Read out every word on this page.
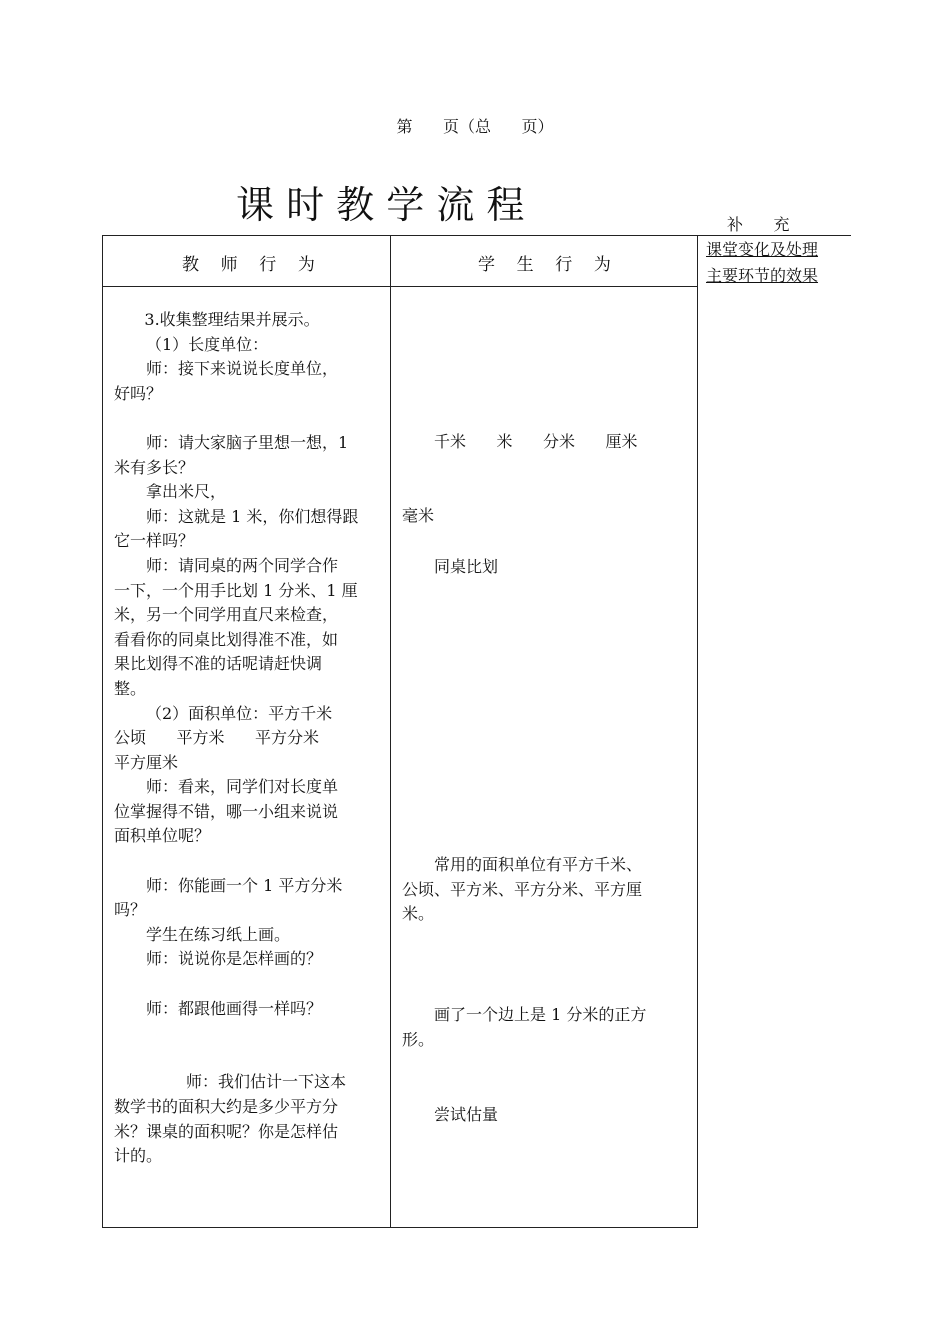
第      页（总      页）
课 时 教 学 流 程	补      充
教    师    行    为	学    生    行    为
课堂变化及处理
主要环节的效果

3.收集整理结果并展示。

（1）长度单位：

师：接下来说说长度单位，

好吗？

师：请大家脑子里想一想，1

米有多长？

拿出米尺，

师：这就是 1 米，你们想得跟

它一样吗？

师：请同桌的两个同学合作

一下，一个用手比划 1 分米、1 厘

米，另一个同学用直尺来检查，

看看你的同桌比划得准不准，如

果比划得不准的话呢请赶快调

整。

（2）面积单位：平方千米

公顷      平方米      平方分米

平方厘米

师：看来，同学们对长度单

位掌握得不错，哪一小组来说说

面积单位呢？

师：你能画一个 1 平方分米

吗？

学生在练习纸上画。

师：说说你是怎样画的？

师：都跟他画得一样吗？

师：我们估计一下这本

数学书的面积大约是多少平方分

米？课桌的面积呢？你是怎样估

计的。

千米      米      分米      厘米

毫米

同桌比划

常用的面积单位有平方千米、

公顷、平方米、平方分米、平方厘

米。

画了一个边上是 1 分米的正方

形。

尝试估量
